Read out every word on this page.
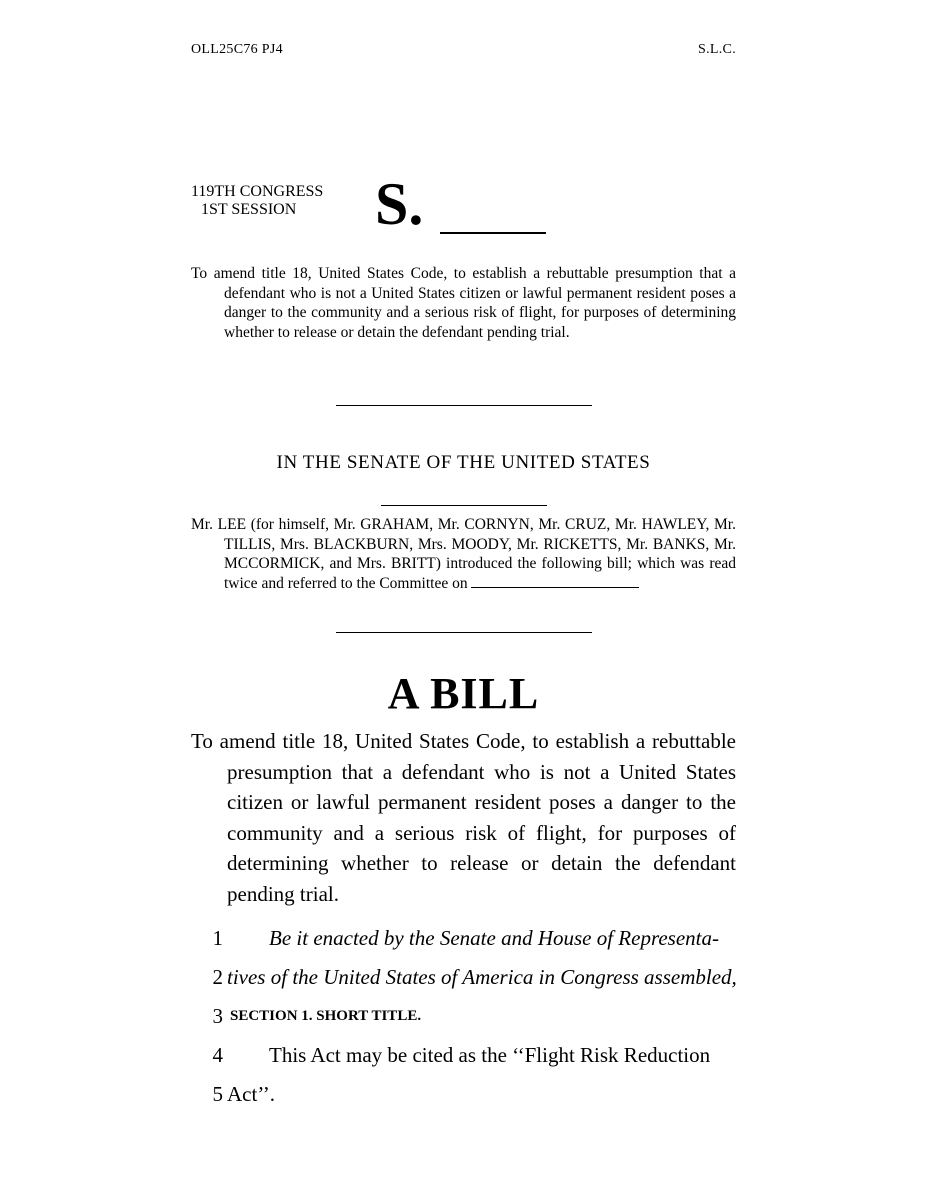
OLL25C76 PJ4	S.L.C.
119TH CONGRESS
1ST SESSION	S.
To amend title 18, United States Code, to establish a rebuttable presumption that a defendant who is not a United States citizen or lawful permanent resident poses a danger to the community and a serious risk of flight, for purposes of determining whether to release or detain the defendant pending trial.
IN THE SENATE OF THE UNITED STATES
Mr. LEE (for himself, Mr. GRAHAM, Mr. CORNYN, Mr. CRUZ, Mr. HAWLEY, Mr. TILLIS, Mrs. BLACKBURN, Mrs. MOODY, Mr. RICKETTS, Mr. BANKS, Mr. MCCORMICK, and Mrs. BRITT) introduced the following bill; which was read twice and referred to the Committee on
A BILL
To amend title 18, United States Code, to establish a rebuttable presumption that a defendant who is not a United States citizen or lawful permanent resident poses a danger to the community and a serious risk of flight, for purposes of determining whether to release or detain the defendant pending trial.
1 Be it enacted by the Senate and House of Representa-
2 tives of the United States of America in Congress assembled,
3 SECTION 1. SHORT TITLE.
4 This Act may be cited as the ‘‘Flight Risk Reduction
5 Act’’.
